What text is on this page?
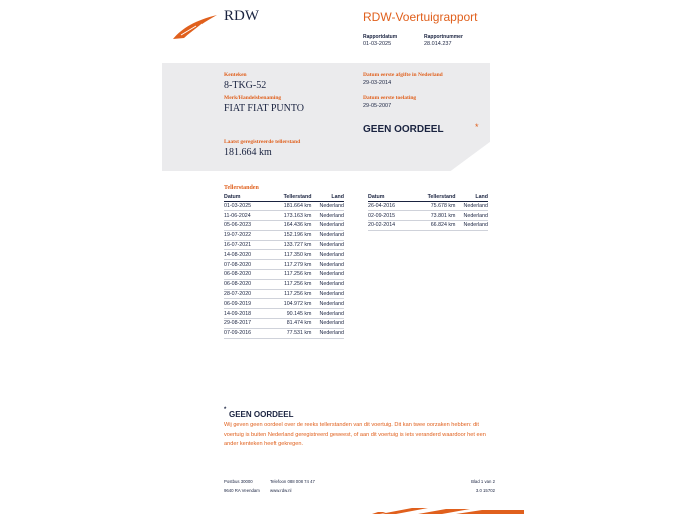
RDW	RDW-Voertuigrapport
Rapportdatum
01-03-2025
Rapportnummer
28.014.237
Kenteken
8-TKG-52
Merk/Handelsbenaming
FIAT FIAT PUNTO
Laatst geregistreerde tellerstand
181.664 km
Datum eerste afgifte in Nederland
29-03-2014
Datum eerste toelating
29-05-2007
GEEN OORDEEL	*
Tellerstanden
Datum	Tellerstand	Land
01-03-2025	181.664 km	Nederland
11-06-2024	173.163 km	Nederland
05-06-2023	164.436 km	Nederland
19-07-2022	152.196 km	Nederland
16-07-2021	133.727 km	Nederland
14-08-2020	117.350 km	Nederland
07-08-2020	117.279 km	Nederland
06-08-2020	117.256 km	Nederland
06-08-2020	117.256 km	Nederland
28-07-2020	117.256 km	Nederland
06-09-2019	104.972 km	Nederland
14-09-2018	90.145 km	Nederland
29-08-2017	81.474 km	Nederland
07-09-2016	77.531 km	Nederland
Datum	Tellerstand	Land
26-04-2016	75.678 km	Nederland
02-09-2015	73.801 km	Nederland
20-02-2014	66.824 km	Nederland
* GEEN OORDEEL
Wij geven geen oordeel over de reeks tellerstanden van dit voertuig. Dit kan twee oorzaken hebben: dit voertuig is buiten Nederland geregistreerd geweest, of aan dit voertuig is iets veranderd waardoor het een ander kenteken heeft gekregen.
Postbus 30000
9640 RA Veendam
Telefoon 088 008 74 47
www.rdw.nl
Blad 1 van 2
3.0 15702
